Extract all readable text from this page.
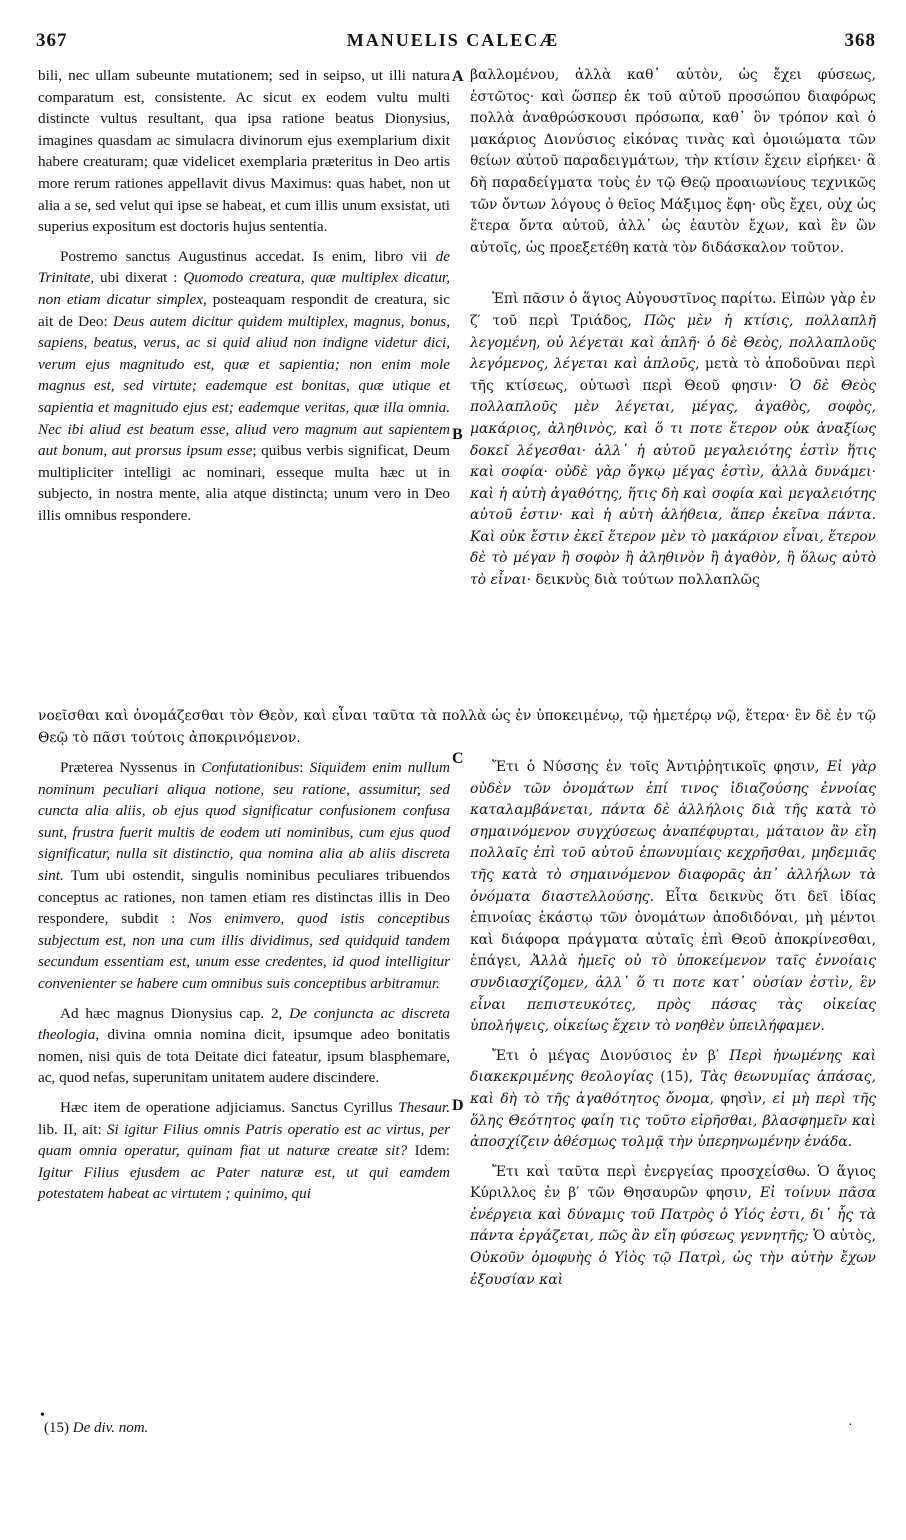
367	MANUELIS CALECÆ	368
A
B
C
D

bili, nec ullam subeunte mutationem; sed in seipso, ut illi natura comparatum est, consistente. Ac sicut ex eodem vultu multi distincte vultus resultant, qua ipsa ratione beatus Dionysius, imagines quasdam ac simulacra divinorum ejus exemplarium dixit habere creaturam; quæ videlicet exemplaria præteritus in Deo artis more rerum rationes appellavit divus Maximus: quas habet, non ut alia a se, sed velut qui ipse se habeat, et cum illis unum exsistat, uti superius expositum est doctoris hujus sententia.

Postremo sanctus Augustinus accedat. Is enim, libro vii de Trinitate, ubi dixerat : Quomodo creatura, quæ multiplex dicatur, non etiam dicatur simplex, posteaquam respondit de creatura, sic ait de Deo: Deus autem dicitur quidem multiplex, magnus, bonus, sapiens, beatus, verus, ac si quid aliud non indigne videtur dici, verum ejus magnitudo est, quæ et sapientia; non enim mole magnus est, sed virtute; eademque est bonitas, quæ utique et sapientia et magnitudo ejus est; eademque veritas, quæ illa omnia. Nec ibi aliud est beatum esse, aliud vero magnum aut sapientem aut bonum, aut prorsus ipsum esse; quibus verbis significat, Deum multipliciter intelligi ac nominari, esseque multa hæc ut in subjecto, in nostra mente, alia atque distincta; unum vero in Deo illis omnibus respondere.

βαλλομένου, ἀλλὰ καθ᾿ αὑτὸν, ὡς ἔχει φύσεως, ἑστῶτος· καὶ ὥσπερ ἐκ τοῦ αὐτοῦ προσώπου διαφόρως πολλὰ ἀναθρώσκουσι πρόσωπα, καθ᾿ ὃν τρόπον καὶ ὁ μακάριος Διονύσιος εἰκόνας τινὰς καὶ ὁμοιώματα τῶν θείων αὐτοῦ παραδειγμάτων, τὴν κτίσιν ἔχειν εἰρήκει· ἃ δὴ παραδείγματα τοὺς ἐν τῷ Θεῷ προαιωνίους τεχνικῶς τῶν ὄντων λόγους ὁ θεῖος Μάξιμος ἔφη· οὓς ἔχει, οὐχ ὡς ἕτερα ὄντα αὐτοῦ, ἀλλ᾿ ὡς ἑαυτὸν ἔχων, καὶ ἓν ὢν αὐτοῖς, ὡς προεξετέθη κατὰ τὸν διδάσκαλον τοῦτον.

Ἐπὶ πᾶσιν ὁ ἅγιος Αὐγουστῖνος παρίτω. Εἰπὼν γὰρ ἐν ζ′ τοῦ περὶ Τριάδος, Πῶς μὲν ἡ κτίσις, πολλαπλῆ λεγομένη, οὐ λέγεται καὶ ἁπλῆ· ὁ δὲ Θεὸς, πολλαπλοῦς λεγόμενος, λέγεται καὶ ἁπλοῦς, μετὰ τὸ ἀποδοῦναι περὶ τῆς κτίσεως, οὑτωσὶ περὶ Θεοῦ φησιν· Ὁ δὲ Θεὸς πολλαπλοῦς μὲν λέγεται, μέγας, ἀγαθὸς, σοφὸς, μακάριος, ἀληθινὸς, καὶ ὅ τι ποτε ἕτερον οὐκ ἀναξίως δοκεῖ λέγεσθαι· ἀλλ᾿ ἡ αὐτοῦ μεγαλειότης ἐστὶν ἥτις καὶ σοφία· οὐδὲ γὰρ ὄγκῳ μέγας ἐστὶν, ἀλλὰ δυνάμει· καὶ ἡ αὐτὴ ἀγαθότης, ἥτις δὴ καὶ σοφία καὶ μεγαλειότης αὐτοῦ ἐστιν· καὶ ἡ αὐτὴ ἀλήθεια, ἅπερ ἐκεῖνα πάντα. Καὶ οὐκ ἔστιν ἐκεῖ ἕτερον μὲν τὸ μακάριον εἶναι, ἕτερον δὲ τὸ μέγαν ἢ σοφὸν ἢ ἀληθινὸν ἢ ἀγαθὸν, ἢ ὅλως αὐτὸ τὸ εἶναι· δεικνὺς διὰ τούτων πολλαπλῶς

νοεῖσθαι καὶ ὀνομάζεσθαι τὸν Θεὸν, καὶ εἶναι ταῦτα τὰ πολλὰ ὡς ἐν ὑποκειμένῳ, τῷ ἡμετέρῳ νῷ, ἕτερα· ἓν δὲ ἐν τῷ Θεῷ τὸ πᾶσι τούτοις ἀποκρινόμενον.

Præterea Nyssenus in Confutationibus: Siquidem enim nullum nominum peculiari aliqua notione, seu ratione, assumitur, sed cuncta alia aliis, ob ejus quod significatur confusionem confusa sunt, frustra fuerit multis de eodem uti nominibus, cum ejus quod significatur, nulla sit distinctio, qua nomina alia ab aliis discreta sint. Tum ubi ostendit, singulis nominibus peculiares tribuendos conceptus ac rationes, non tamen etiam res distinctas illis in Deo respondere, subdit : Nos enimvero, quod istis conceptibus subjectum est, non una cum illis dividimus, sed quidquid tandem secundum essentiam est, unum esse credentes, id quod intelligitur convenienter se habere cum omnibus suis conceptibus arbitramur.

Ad hæc magnus Dionysius cap. 2, De conjuncta ac discreta theologia, divina omnia nomina dicit, ipsumque adeo bonitatis nomen, nisi quis de tota Deitate dici fateatur, ipsum blasphemare, ac, quod nefas, superunitam unitatem audere discindere.

Hæc item de operatione adjiciamus. Sanctus Cyrillus Thesaur. lib. II, ait: Si igitur Filius omnis Patris operatio est ac virtus, per quam omnia operatur, quinam fiat ut naturæ creatæ sit? Idem: Igitur Filius ejusdem ac Pater naturæ est, ut qui eamdem potestatem habeat ac virtutem ; quinimo, qui

Ἔτι ὁ Νύσσης ἐν τοῖς Ἀντιῤῥητικοῖς φησιν, Εἰ γὰρ οὐδὲν τῶν ὀνομάτων ἐπί τινος ἰδιαζούσης ἐννοίας καταλαμβάνεται, πάντα δὲ ἀλλήλοις διὰ τῆς κατὰ τὸ σημαινόμενον συγχύσεως ἀναπέφυρται, μάταιον ἂν εἴη πολλαῖς ἐπὶ τοῦ αὐτοῦ ἐπωνυμίαις κεχρῆσθαι, μηδεμιᾶς τῆς κατὰ τὸ σημαινόμενον διαφορᾶς ἀπ᾿ ἀλλήλων τὰ ὀνόματα διαστελλούσης. Εἶτα δεικνὺς ὅτι δεῖ ἰδίας ἐπινοίας ἑκάστῳ τῶν ὀνομάτων ἀποδιδόναι, μὴ μέντοι καὶ διάφορα πράγματα αὐταῖς ἐπὶ Θεοῦ ἀποκρίνεσθαι, ἐπάγει, Ἀλλὰ ἡμεῖς οὐ τὸ ὑποκείμενον ταῖς ἐννοίαις συνδιασχίζομεν, ἀλλ᾿ ὅ τι ποτε κατ᾿ οὐσίαν ἐστὶν, ἓν εἶναι πεπιστευκότες, πρὸς πάσας τὰς οἰκείας ὑπολήψεις, οἰκείως ἔχειν τὸ νοηθὲν ὑπειλήφαμεν.

Ἔτι ὁ μέγας Διονύσιος ἐν β′ Περὶ ἡνωμένης καὶ διακεκριμένης θεολογίας (15), Τὰς θεωνυμίας ἁπάσας, καὶ δὴ τὸ τῆς ἀγαθότητος ὄνομα, φησὶν, εἰ μὴ περὶ τῆς ὅλης Θεότητος φαίη τις τοῦτο εἰρῆσθαι, βλασφημεῖν καὶ ἀποσχίζειν ἀθέσμως τολμᾷ τὴν ὑπερηνωμένην ἑνάδα.

Ἔτι καὶ ταῦτα περὶ ἐνεργείας προσχείσθω. Ὁ ἅγιος Κύριλλος ἐν β′ τῶν Θησαυρῶν φησιν, Εἰ τοίνυν πᾶσα ἐνέργεια καὶ δύναμις τοῦ Πατρὸς ὁ Υἱός ἐστι, δι᾿ ἧς τὰ πάντα ἐργάζεται, πῶς ἂν εἴη φύσεως γεννητῆς; Ὁ αὐτὸς, Οὐκοῦν ὁμοφυὴς ὁ Υἱὸς τῷ Πατρὶ, ὡς τὴν αὐτὴν ἔχων ἐξουσίαν καὶ

(15) De div. nom.
•
·
